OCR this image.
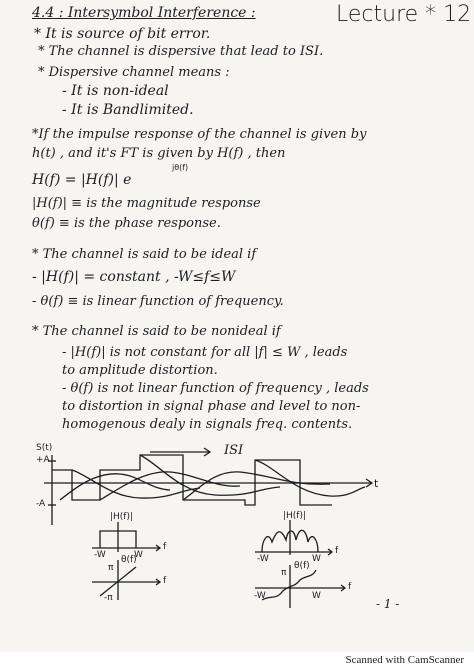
4.4 : Intersymbol Interference :	Lecture * 12
* It is source of bit error.
* The channel is dispersive that lead to ISI.
* Dispersive channel means :
- It is non-ideal
- It is Bandlimited.
*If the impulse response of the channel is given by
h(t) , and it's FT is given by H(f) , then
H(f) = |H(f)| e
jθ(f)
|H(f)| ≡ is the magnitude response
θ(f) ≡ is the phase response.
* The channel is said to be ideal if
- |H(f)| = constant , -W≤f≤W
- θ(f) ≡ is linear function of frequency.
* The channel is said to be nonideal if
- |H(f)| is not constant for all |f| ≤ W , leads
to amplitude distortion.
- θ(f) is not linear function of frequency , leads
to distortion in signal phase and level to non-
homogenous dealy in signals freq. contents.
S(t)
+A
-A
ISI
t
|H(f)|
f
-W	W
θ(f)
π
-π
f
|H(f)|
f
-W	W
θ(f)
π
-W	W
f
- 1 -
Scanned with CamScanner
